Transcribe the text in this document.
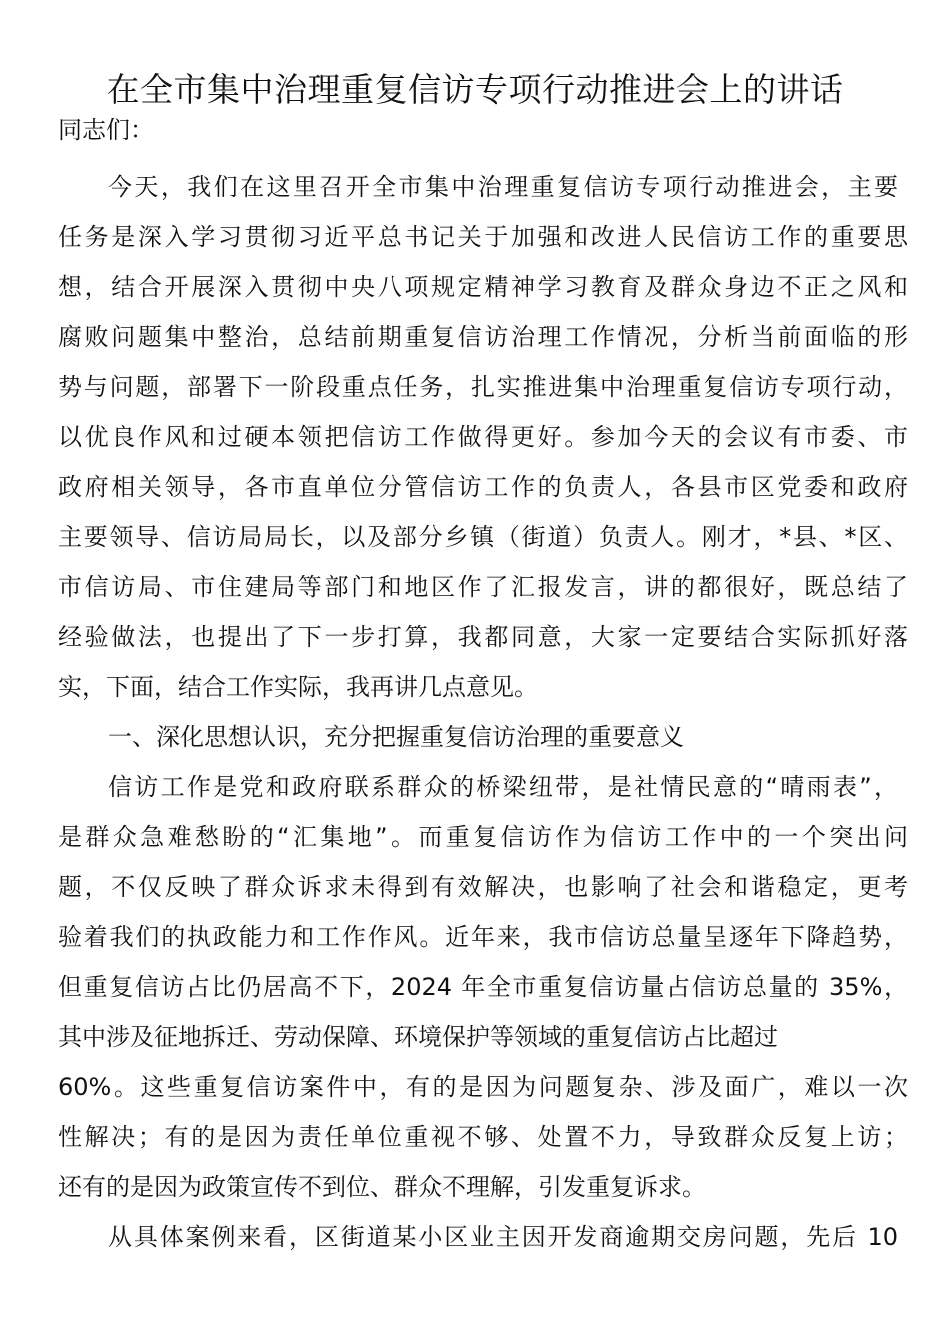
在全市集中治理重复信访专项行动推进会上的讲话

同志们：

今天，我们在这里召开全市集中治理重复信访专项行动推进会，主要

任务是深入学习贯彻习近平总书记关于加强和改进人民信访工作的重要思

想，结合开展深入贯彻中央八项规定精神学习教育及群众身边不正之风和

腐败问题集中整治，总结前期重复信访治理工作情况，分析当前面临的形

势与问题，部署下一阶段重点任务，扎实推进集中治理重复信访专项行动，

以优良作风和过硬本领把信访工作做得更好。参加今天的会议有市委、市

政府相关领导，各市直单位分管信访工作的负责人，各县市区党委和政府

主要领导、信访局局长，以及部分乡镇（街道）负责人。刚才，*县、*区、

市信访局、市住建局等部门和地区作了汇报发言，讲的都很好，既总结了

经验做法，也提出了下一步打算，我都同意，大家一定要结合实际抓好落

实，下面，结合工作实际，我再讲几点意见。

一、深化思想认识，充分把握重复信访治理的重要意义

信访工作是党和政府联系群众的桥梁纽带，是社情民意的“晴雨表”，

是群众急难愁盼的“汇集地”。而重复信访作为信访工作中的一个突出问

题，不仅反映了群众诉求未得到有效解决，也影响了社会和谐稳定，更考

验着我们的执政能力和工作作风。近年来，我市信访总量呈逐年下降趋势，

但重复信访占比仍居高不下，2024 年全市重复信访量占信访总量的 35%，

其中涉及征地拆迁、劳动保障、环境保护等领域的重复信访占比超过

60%。这些重复信访案件中，有的是因为问题复杂、涉及面广，难以一次

性解决；有的是因为责任单位重视不够、处置不力，导致群众反复上访；

还有的是因为政策宣传不到位、群众不理解，引发重复诉求。

从具体案例来看，区街道某小区业主因开发商逾期交房问题，先后 10
